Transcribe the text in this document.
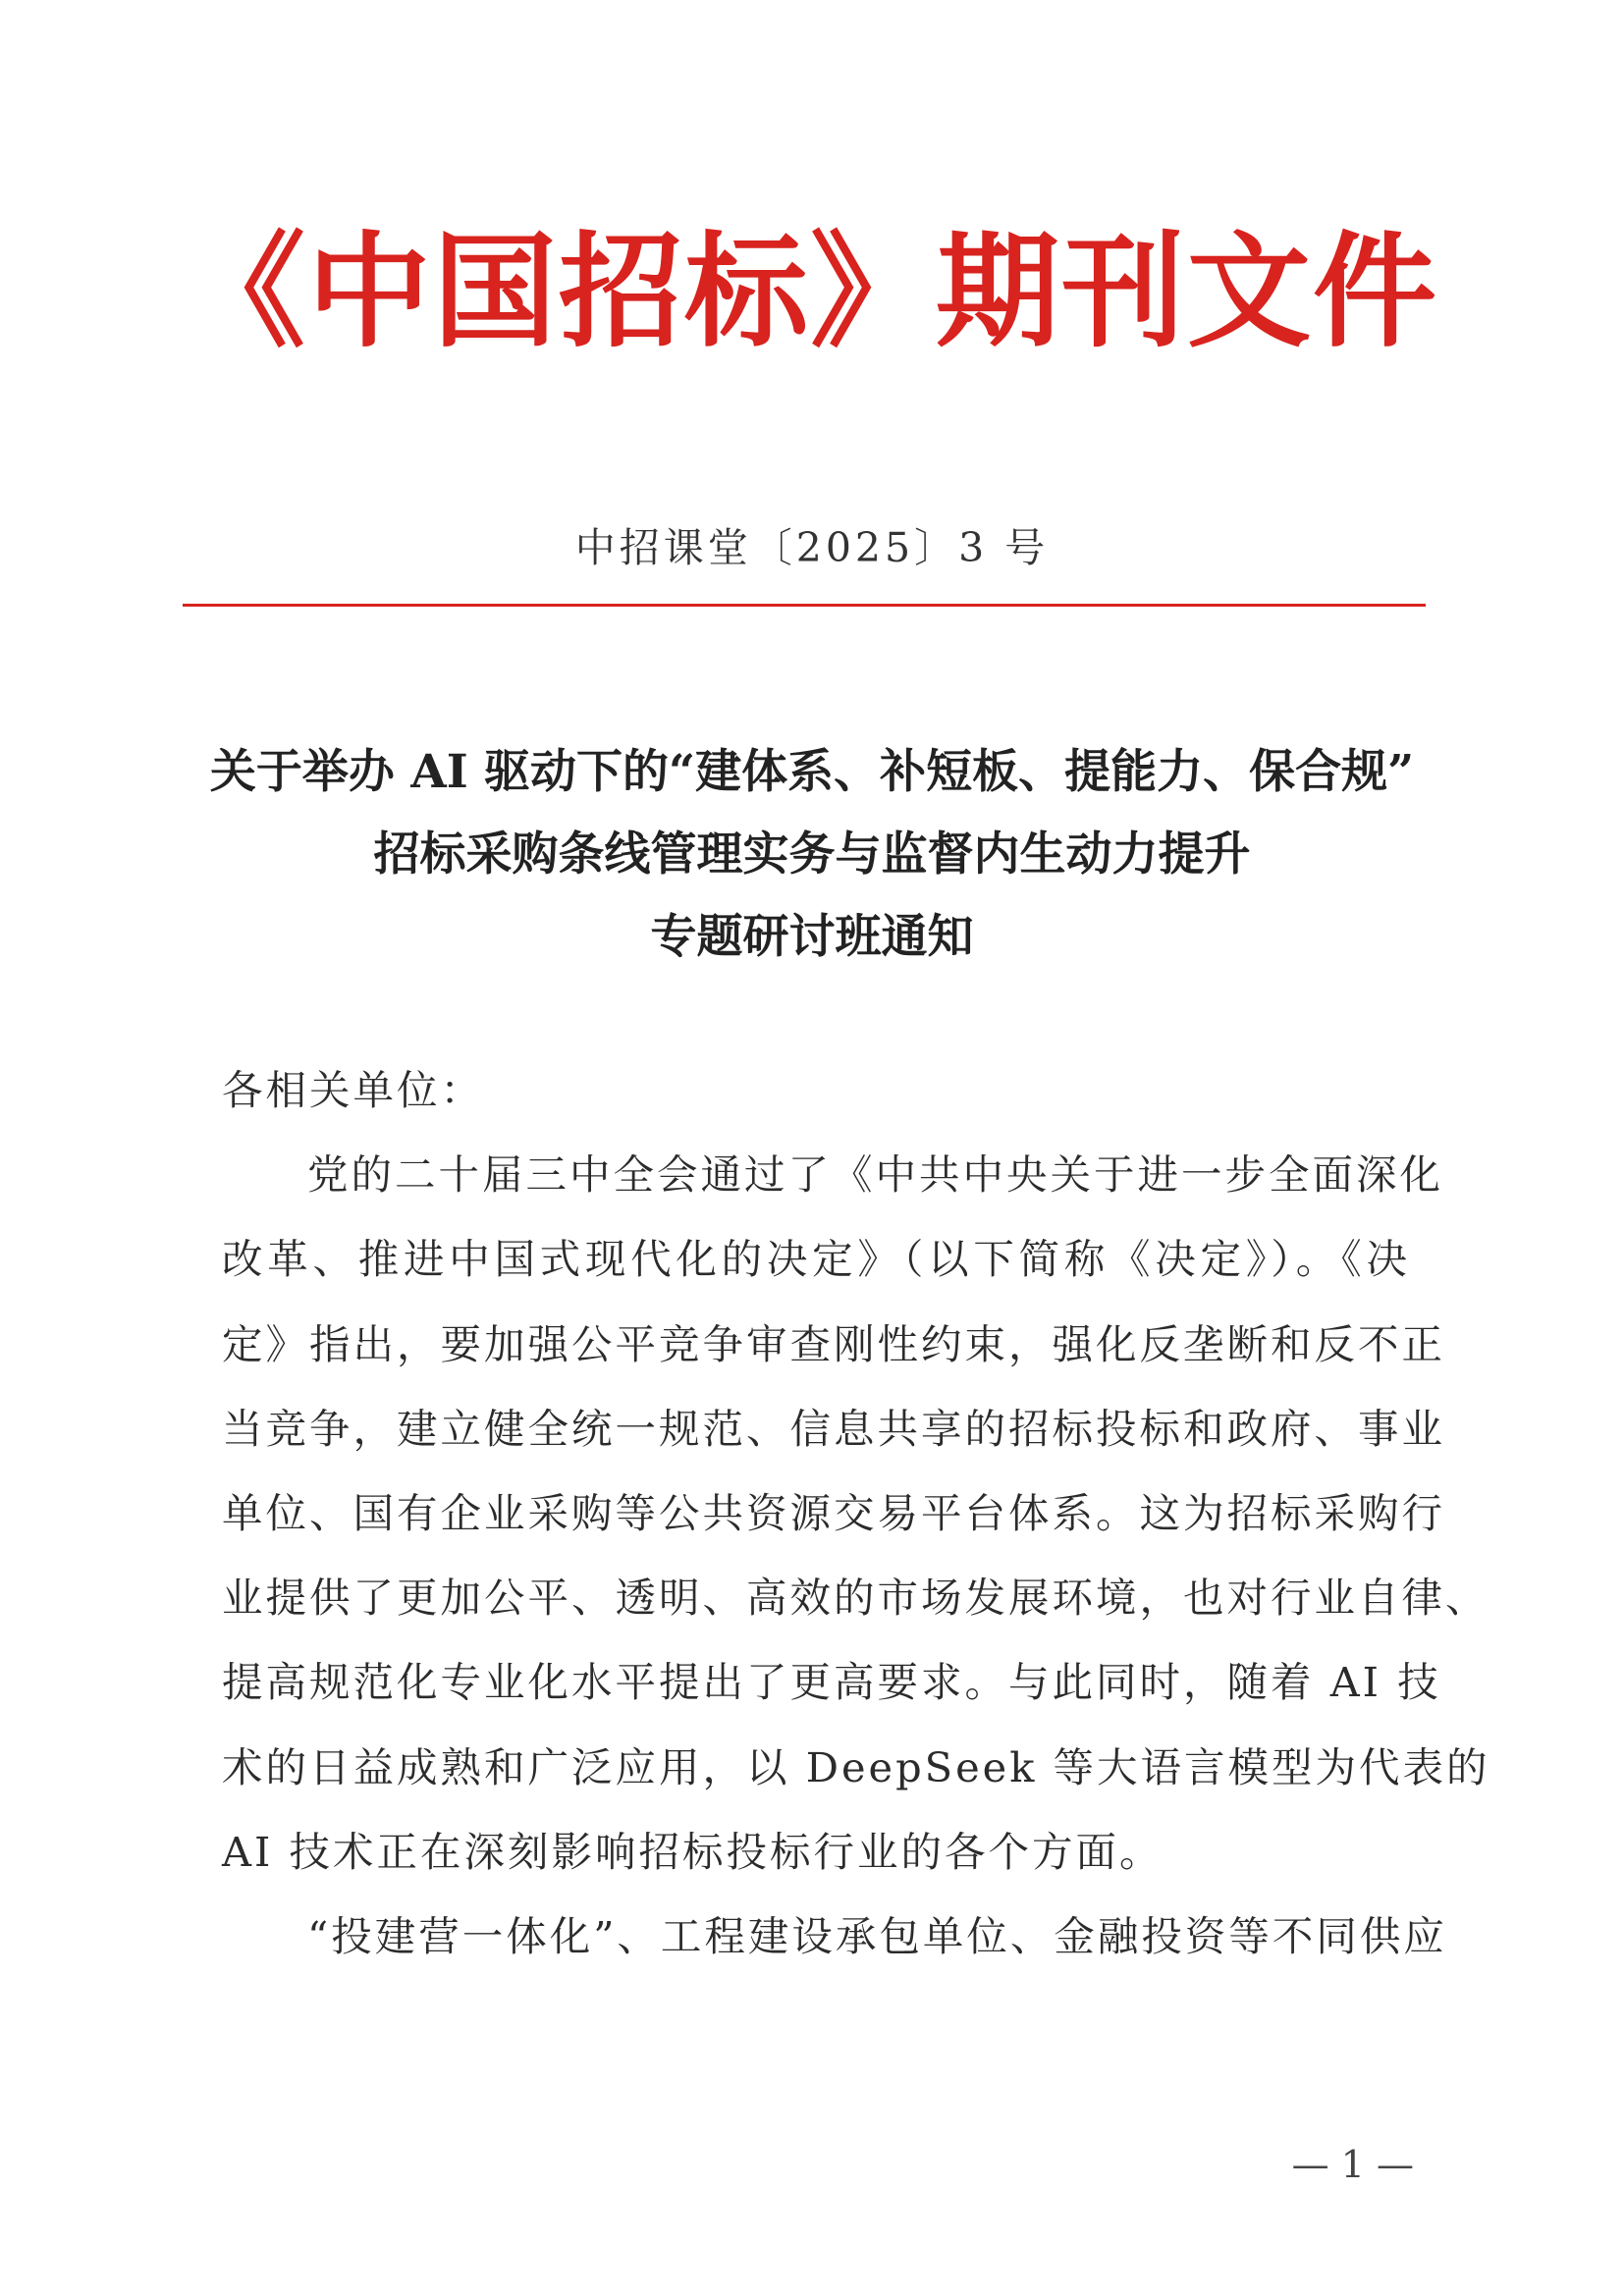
《中国招标》期刊文件
中招课堂〔2025〕3 号
关于举办 AI 驱动下的“建体系、补短板、提能力、保合规”
招标采购条线管理实务与监督内生动力提升
专题研讨班通知
各相关单位：
党的二十届三中全会通过了《中共中央关于进一步全面深化
改革、推进中国式现代化的决定》（以下简称《决定》）。《决
定》指出，要加强公平竞争审查刚性约束，强化反垄断和反不正
当竞争，建立健全统一规范、信息共享的招标投标和政府、事业
单位、国有企业采购等公共资源交易平台体系。这为招标采购行
业提供了更加公平、透明、高效的市场发展环境，也对行业自律、
提高规范化专业化水平提出了更高要求。与此同时，随着 AI 技
术的日益成熟和广泛应用，以 DeepSeek 等大语言模型为代表的
AI 技术正在深刻影响招标投标行业的各个方面。
“投建营一体化”、工程建设承包单位、金融投资等不同供应
— 1 —
